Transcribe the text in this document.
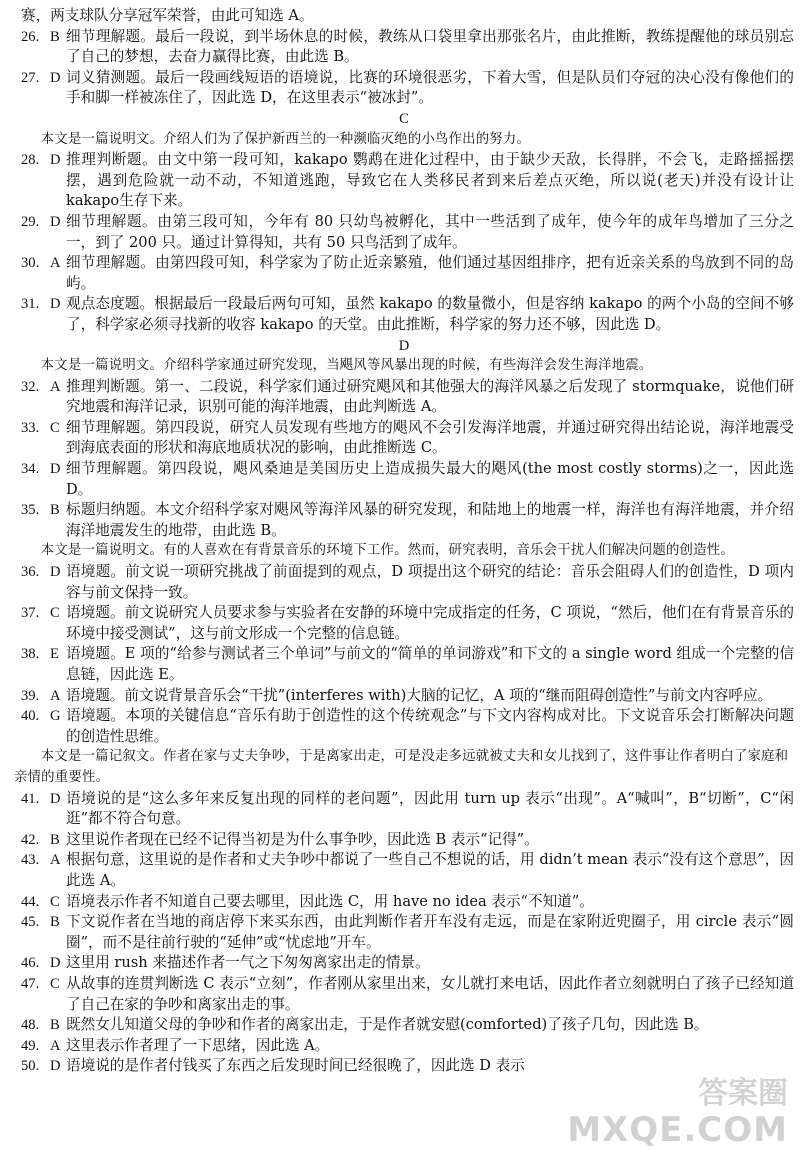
赛，两支球队分享冠军荣誉，由此可知选 A。
26. B 细节理解题。最后一段说，到半场休息的时候，教练从口袋里拿出那张名片，由此推断，教练提醒他的球员别忘了自己的梦想，去奋力赢得比赛，由此选 B。
27. D 词义猜测题。最后一段画线短语的语境说，比赛的环境很恶劣，下着大雪，但是队员们夺冠的决心没有像他们的手和脚一样被冻住了，因此选 D，在这里表示“被冰封”。
C
本文是一篇说明文。介绍人们为了保护新西兰的一种濒临灭绝的小鸟作出的努力。
28. D 推理判断题。由文中第一段可知，kakapo 鹦鹉在进化过程中，由于缺少天敌，长得胖，不会飞，走路摇摇摆摆，遇到危险就一动不动，不知道逃跑，导致它在人类移民者到来后差点灭绝，所以说(老天)并没有设计让kakapo生存下来。
29. D 细节理解题。由第三段可知，今年有 80 只幼鸟被孵化，其中一些活到了成年，使今年的成年鸟增加了三分之一，到了 200 只。通过计算得知，共有 50 只鸟活到了成年。
30. A 细节理解题。由第四段可知，科学家为了防止近亲繁殖，他们通过基因组排序，把有近亲关系的鸟放到不同的岛屿。
31. D 观点态度题。根据最后一段最后两句可知，虽然 kakapo 的数量微小，但是容纳 kakapo 的两个小岛的空间不够了，科学家必须寻找新的收容 kakapo 的天堂。由此推断，科学家的努力还不够，因此选 D。
D
本文是一篇说明文。介绍科学家通过研究发现，当飓风等风暴出现的时候，有些海洋会发生海洋地震。
32. A 推理判断题。第一、二段说，科学家们通过研究飓风和其他强大的海洋风暴之后发现了 stormquake，说他们研究地震和海洋记录，识别可能的海洋地震，由此判断选 A。
33. C 细节理解题。第四段说，研究人员发现有些地方的飓风不会引发海洋地震，并通过研究得出结论说，海洋地震受到海底表面的形状和海底地质状况的影响，由此推断选 C。
34. D 细节理解题。第四段说，飓风桑迪是美国历史上造成损失最大的飓风(the most costly storms)之一，因此选 D。
35. B 标题归纳题。本文介绍科学家对飓风等海洋风暴的研究发现，和陆地上的地震一样，海洋也有海洋地震，并介绍海洋地震发生的地带，由此选 B。
本文是一篇说明文。有的人喜欢在有背景音乐的环境下工作。然而，研究表明，音乐会干扰人们解决问题的创造性。
36. D 语境题。前文说一项研究挑战了前面提到的观点，D 项提出这个研究的结论：音乐会阻碍人们的创造性，D 项内容与前文保持一致。
37. C 语境题。前文说研究人员要求参与实验者在安静的环境中完成指定的任务，C 项说，“然后，他们在有背景音乐的环境中接受测试”，这与前文形成一个完整的信息链。
38. E 语境题。E 项的“给参与测试者三个单词”与前文的“简单的单词游戏”和下文的 a single word 组成一个完整的信息链，因此选 E。
39. A 语境题。前文说背景音乐会“干扰”(interferes with)大脑的记忆，A 项的“继而阻碍创造性”与前文内容呼应。
40. G 语境题。本项的关键信息“音乐有助于创造性的这个传统观念”与下文内容构成对比。下文说音乐会打断解决问题的创造性思维。
本文是一篇记叙文。作者在家与丈夫争吵，于是离家出走，可是没走多远就被丈夫和女儿找到了，这件事让作者明白了家庭和亲情的重要性。
41. D 语境说的是“这么多年来反复出现的同样的老问题”，因此用 turn up 表示“出现”。A“喊叫”，B“切断”，C“闲逛”都不符合句意。
42. B 这里说作者现在已经不记得当初是为什么事争吵，因此选 B 表示“记得”。
43. A 根据句意，这里说的是作者和丈夫争吵中都说了一些自己不想说的话，用 didn’t mean 表示“没有这个意思”，因此选 A。
44. C 语境表示作者不知道自己要去哪里，因此选 C，用 have no idea 表示“不知道”。
45. B 下文说作者在当地的商店停下来买东西，由此判断作者开车没有走远，而是在家附近兜圈子，用 circle 表示“圆圈”，而不是往前行驶的“延伸”或“忧虑地”开车。
46. D 这里用 rush 来描述作者一气之下匆匆离家出走的情景。
47. C 从故事的连贯判断选 C 表示“立刻”，作者刚从家里出来，女儿就打来电话，因此作者立刻就明白了孩子已经知道了自己在家的争吵和离家出走的事。
48. B 既然女儿知道父母的争吵和作者的离家出走，于是作者就安慰(comforted)了孩子几句，因此选 B。
49. A 这里表示作者理了一下思绪，因此选 A。
50. D 语境说的是作者付钱买了东西之后发现时间已经很晚了，因此选 D 表示
答案圈
MXQE.COM
